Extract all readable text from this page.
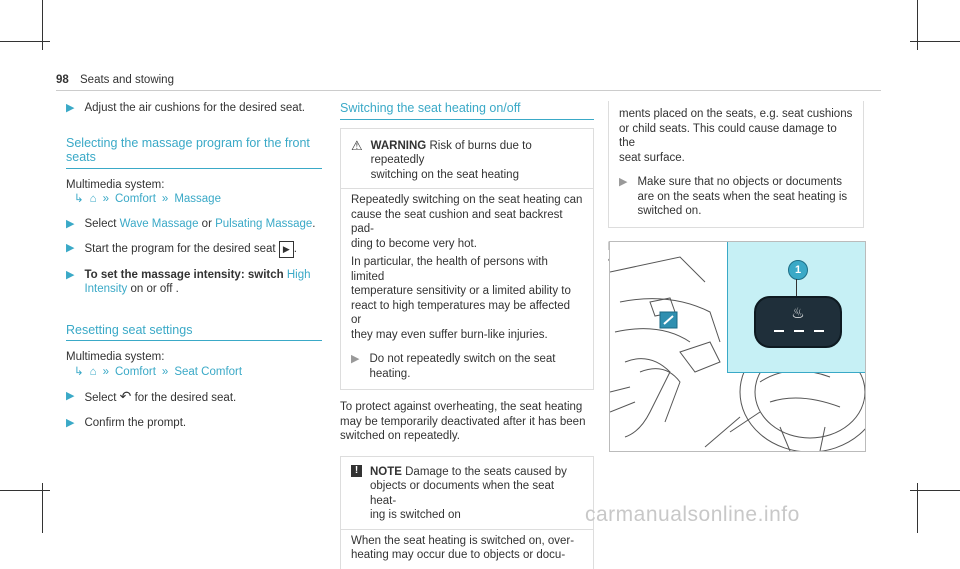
98 Seats and stowing
▶ Adjust the air cushions for the desired seat.
Selecting the massage program for the front seats
Multimedia system:
↳ ⌂ » Comfort » Massage
▶ Select Wave Massage or Pulsating Massage.
▶ Start the program for the desired seat ▶ .
▶ To set the massage intensity: switch High
Intensity on or off .
Resetting seat settings
Multimedia system:
↳ ⌂ » Comfort » Seat Comfort
▶ Select ↶ for the desired seat.
▶ Confirm the prompt.
Switching the seat heating on/off
⚠ WARNING Risk of burns due to repeatedly
switching on the seat heating
Repeatedly switching on the seat heating can
cause the seat cushion and seat backrest pad-
ding to become very hot.
In particular, the health of persons with limited
temperature sensitivity or a limited ability to
react to high temperatures may be affected or
they may even suffer burn-like injuries.
▶ Do not repeatedly switch on the seat
heating.
To protect against overheating, the seat heating
may be temporarily deactivated after it has been
switched on repeatedly.
!	NOTE Damage to the seats caused by
objects or documents when the seat heat-
ing is switched on
When the seat heating is switched on, over-
heating may occur due to objects or docu-
ments placed on the seats, e.g. seat cushions
or child seats. This could cause damage to the
seat surface.
▶ Make sure that no objects or documents
are on the seats when the seat heating is
switched on.
1
♨
carmanualsonline.info
